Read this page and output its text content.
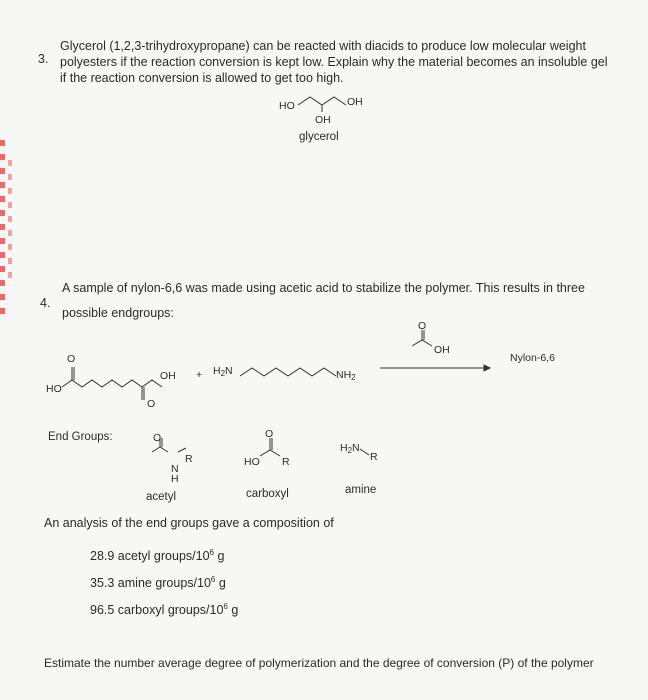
3.
Glycerol (1,2,3-trihydroxypropane) can be reacted with diacids to produce low molecular weight
polyesters if the reaction conversion is kept low. Explain why the material becomes an insoluble gel
if the reaction conversion is allowed to get too high.
HO	OH
OH
glycerol
4.
A sample of nylon-6,6 was made using acetic acid to stabilize the polymer. This results in three
possible endgroups:
O
HO
OH
O
+ $H_2N$	$NH_2$
O
OH
Nylon-6,6
End Groups:	O
N
H
R
acetyl
O
HO R
carboxyl
$H_2N$
R
amine
An analysis of the end groups gave a composition of
28.9 acetyl groups/$10^6$ g
35.3 amine groups/$10^6$ g
96.5 carboxyl groups/$10^6$ g
Estimate the number average degree of polymerization and the degree of conversion (P) of the polymer
